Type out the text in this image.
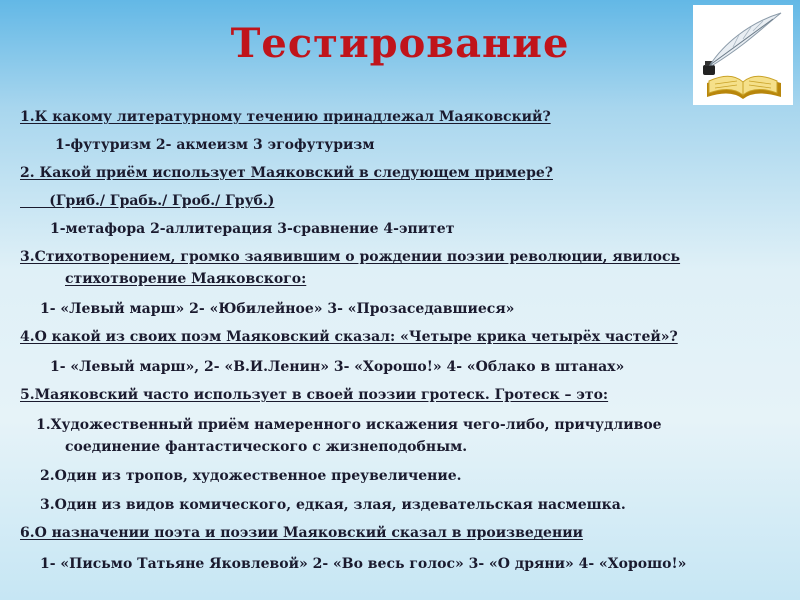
Тестирование
1.К какому литературному течению принадлежал Маяковский?
1-футуризм 2- акмеизм 3 эгофутуризм
2. Какой приём использует Маяковский в следующем примере?
(Гриб./ Грабь./ Гроб./ Груб.)
1-метафора 2-аллитерация 3-сравнение 4-эпитет
3.Стихотворением, громко заявившим о рождении поэзии революции, явилось
стихотворение Маяковского:
1- «Левый марш» 2- «Юбилейное» 3- «Прозаседавшиеся»
4.О какой из своих поэм Маяковский сказал: «Четыре крика четырёх частей»?
1- «Левый марш», 2- «В.И.Ленин» 3- «Хорошо!» 4- «Облако в штанах»
5.Маяковский часто использует в своей поэзии гротеск. Гротеск – это:
1.Художественный приём намеренного искажения чего-либо, причудливое
соединение фантастического с жизнеподобным.
2.Один из тропов, художественное преувеличение.
3.Один из видов комического, едкая, злая, издевательская насмешка.
6.О назначении поэта и поэзии Маяковский сказал в произведении
1- «Письмо Татьяне Яковлевой» 2- «Во весь голос» 3- «О дряни» 4- «Хорошо!»
